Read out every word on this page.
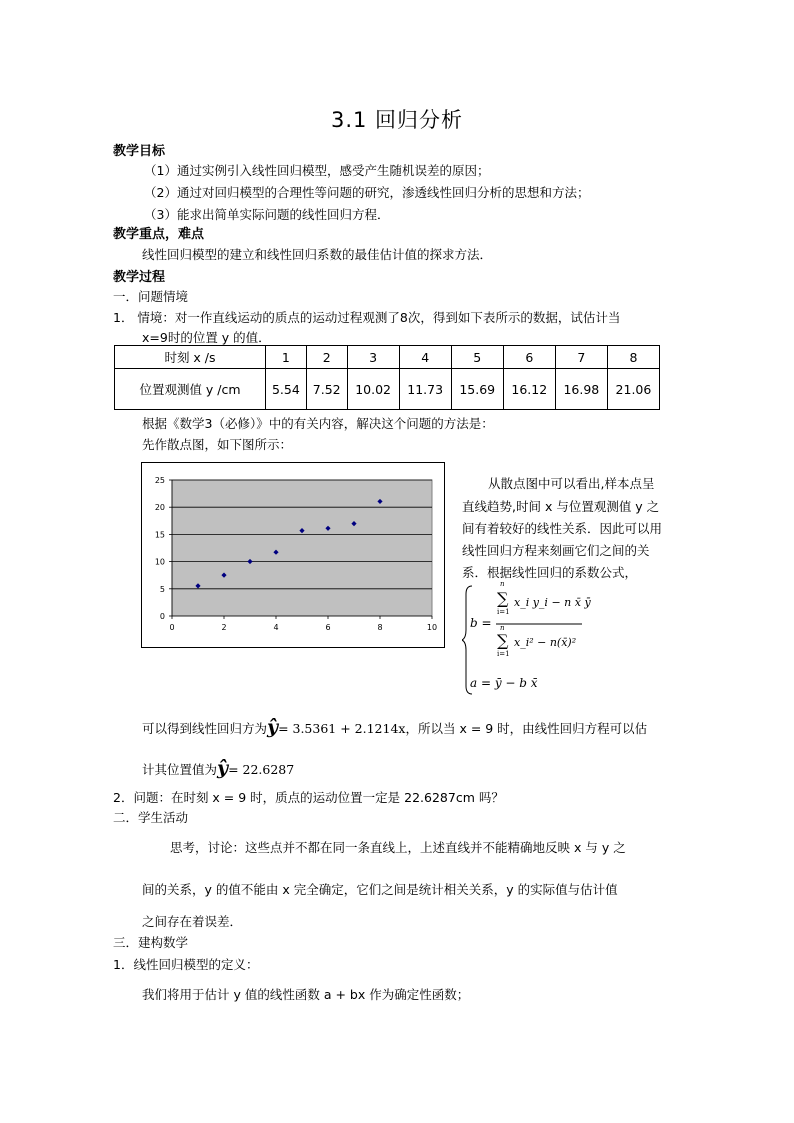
3.1 回归分析
教学目标
（1）通过实例引入线性回归模型，感受产生随机误差的原因；
（2）通过对回归模型的合理性等问题的研究，渗透线性回归分析的思想和方法；
（3）能求出简单实际问题的线性回归方程．
教学重点，难点
线性回归模型的建立和线性回归系数的最佳估计值的探求方法．
教学过程
一．问题情境
1． 情境：对一作直线运动的质点的运动过程观测了8次，得到如下表所示的数据，试估计当
x=9时的位置 y 的值．
时刻 x /s	1	2	3	4	5	6	7	8
位置观测值 y /cm	5.54	7.52	10.02	11.73	15.69	16.12	16.98	21.06
根据《数学3（必修）》中的有关内容，解决这个问题的方法是：
先作散点图，如下图所示：
0
5
10
15
20
25
0	2	4	6	8	10
从散点图中可以看出,样本点呈
直线趋势,时间 x 与位置观测值 y 之
间有着较好的线性关系．因此可以用
线性回归方程来刻画它们之间的关
系．根据线性回归的系数公式，
b =
∑
n
i=1
x_i y_i − n x̄ ȳ
∑
n
i=1
x_i² − n(x̄)²
a = ȳ − b x̄
可以得到线性回归方为ŷ= 3.5361 + 2.1214x，所以当 x = 9 时，由线性回归方程可以估
计其位置值为ŷ= 22.6287
2．问题：在时刻 x = 9 时，质点的运动位置一定是 22.6287cm 吗？
二．学生活动
思考，讨论：这些点并不都在同一条直线上，上述直线并不能精确地反映 x 与 y 之
间的关系，y 的值不能由 x 完全确定，它们之间是统计相关关系，y 的实际值与估计值
之间存在着误差．
三．建构数学
1．线性回归模型的定义：
我们将用于估计 y 值的线性函数 a + bx 作为确定性函数；
